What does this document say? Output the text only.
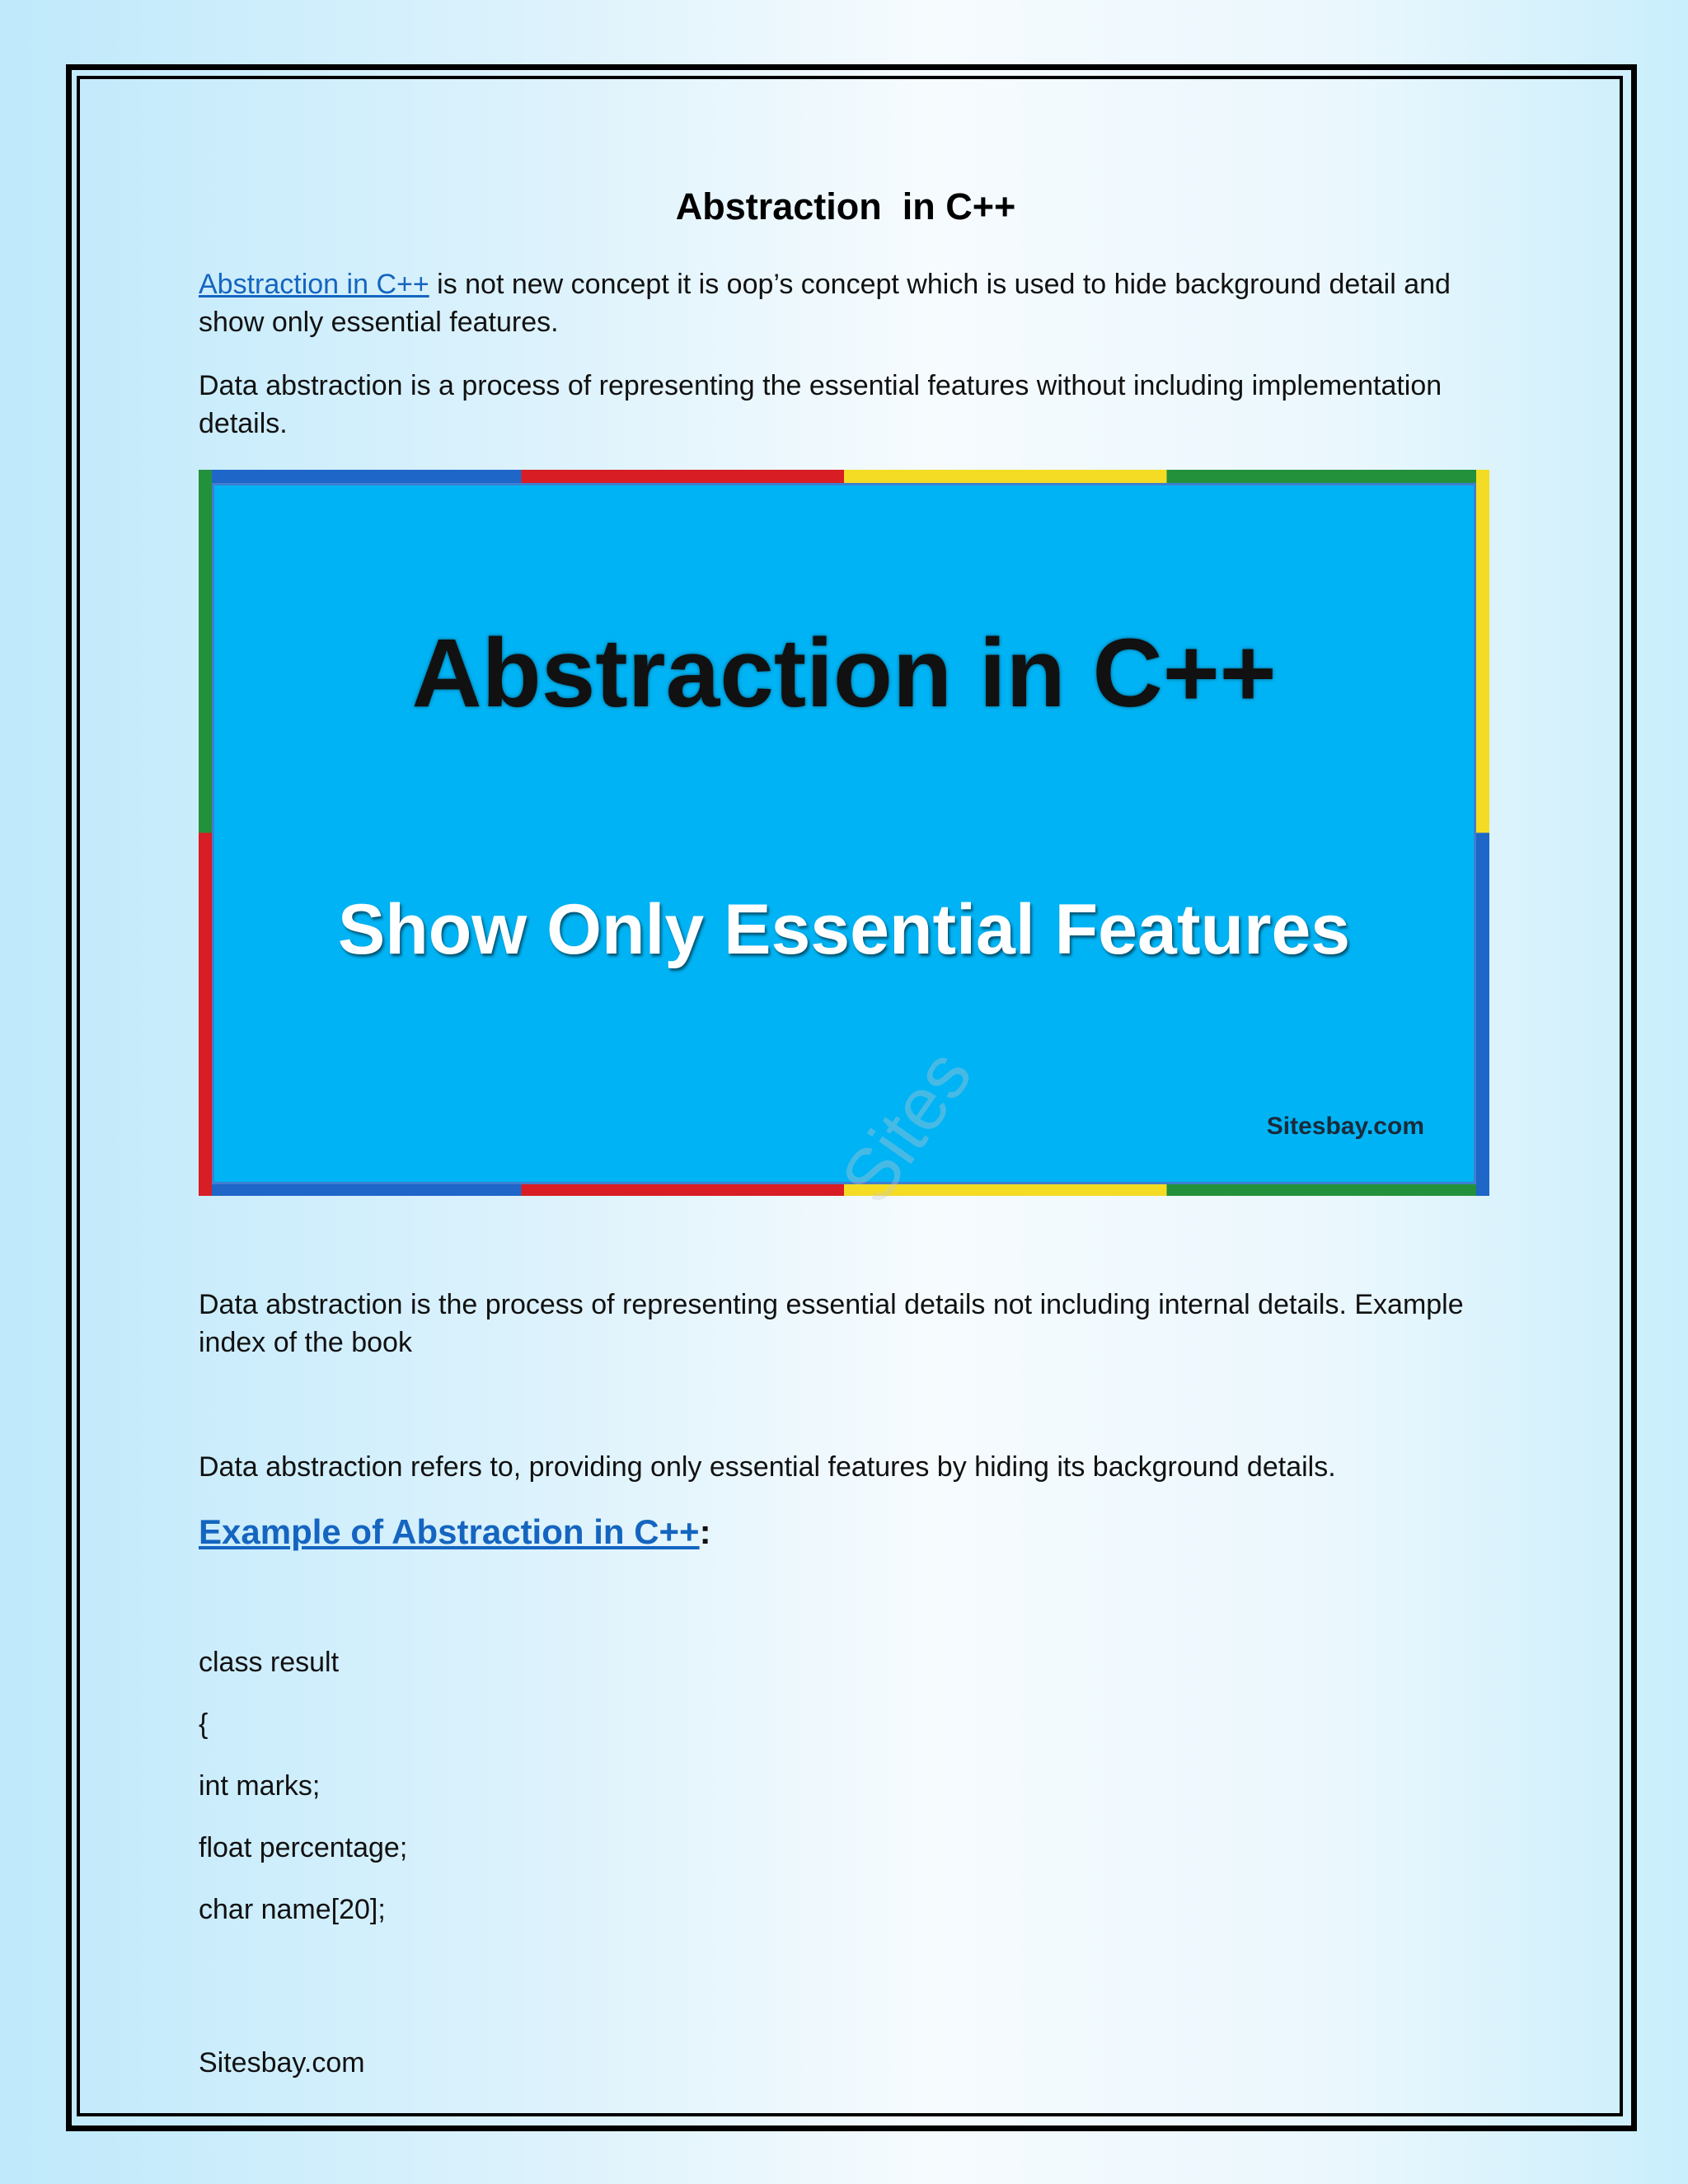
Abstraction  in C++
Abstraction in C++ is not new concept it is oop’s concept which is used to hide background detail and show only essential features.
Data abstraction is a process of representing the essential features without including implementation details.
Abstraction in C++
Show Only Essential Features
Sitesbay.com
Sites
Data abstraction is the process of representing essential details not including internal details. Example index of the book
Data abstraction refers to, providing only essential features by hiding its background details.
Example of Abstraction in C++:
class result
{
int marks;
float percentage;
char name[20];
Sitesbay.com
